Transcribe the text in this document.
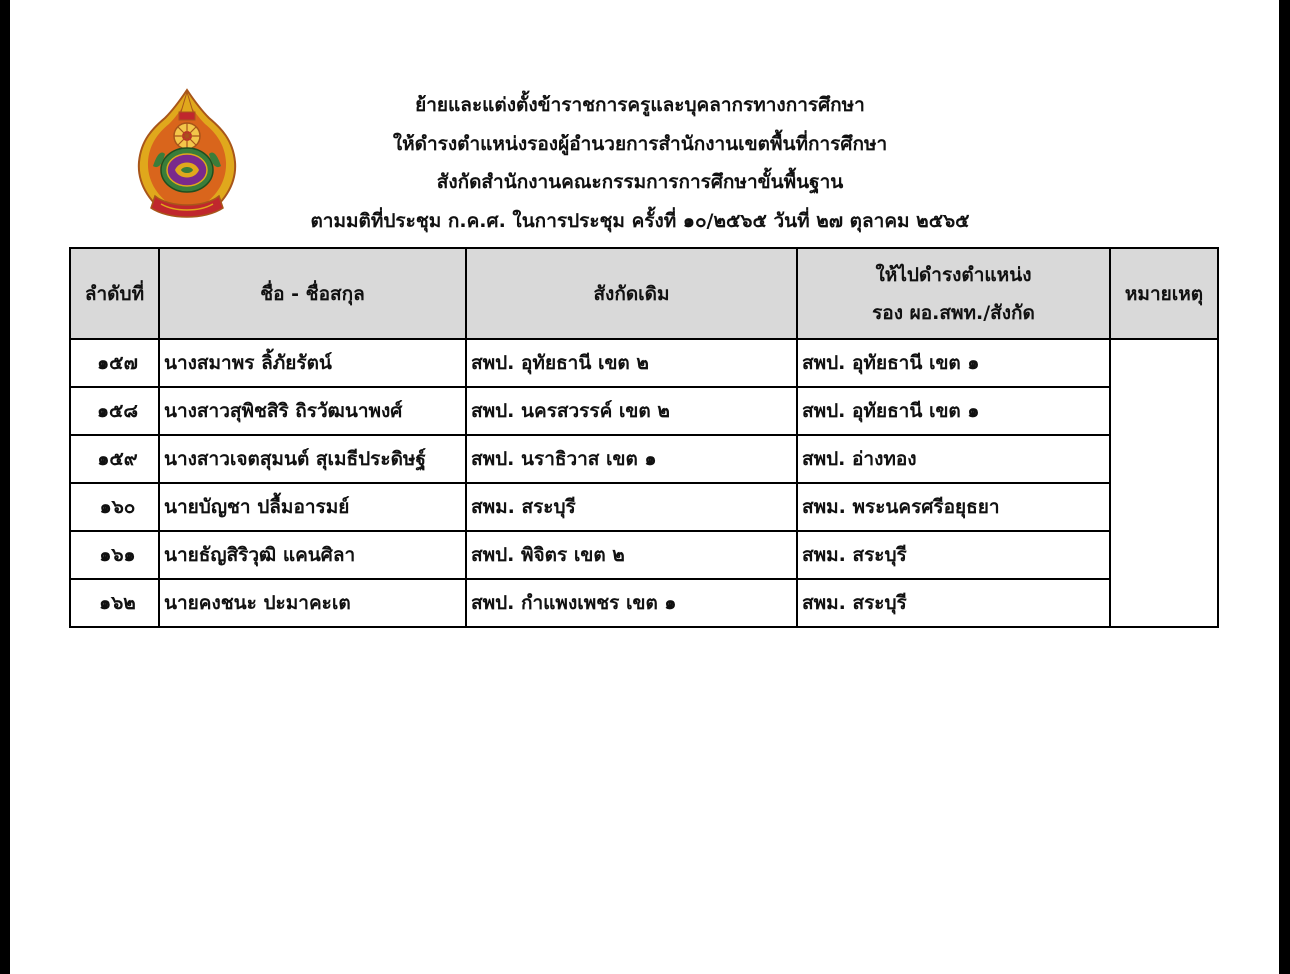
ย้ายและแต่งตั้งข้าราชการครูและบุคลากรทางการศึกษา
ให้ดำรงตำแหน่งรองผู้อำนวยการสำนักงานเขตพื้นที่การศึกษา
สังกัดสำนักงานคณะกรรมการการศึกษาขั้นพื้นฐาน
ตามมติที่ประชุม ก.ค.ศ. ในการประชุม ครั้งที่ ๑๐/๒๕๖๕ วันที่ ๒๗ ตุลาคม ๒๕๖๕
ลำดับที่	ชื่อ - ชื่อสกุล	สังกัดเดิม	ให้ไปดำรงตำแหน่ง
รอง ผอ.สพท./สังกัด	หมายเหตุ
๑๕๗	นางสมาพร ลิ้ภัยรัตน์	สพป. อุทัยธานี เขต ๒	สพป. อุทัยธานี เขต ๑	
๑๕๘	นางสาวสุพิชสิริ ถิรวัฒนาพงศ์	สพป. นครสวรรค์ เขต ๒	สพป. อุทัยธานี เขต ๑	
๑๕๙	นางสาวเจตสุมนต์ สุเมธีประดิษฐ์	สพป. นราธิวาส เขต ๑	สพป. อ่างทอง	
๑๖๐	นายบัญชา ปลื้มอารมย์	สพม. สระบุรี	สพม. พระนครศรีอยุธยา	
๑๖๑	นายธัญสิริวุฒิ แคนศิลา	สพป. พิจิตร เขต ๒	สพม. สระบุรี	
๑๖๒	นายคงชนะ ปะมาคะเต	สพป. กำแพงเพชร เขต ๑	สพม. สระบุรี	
